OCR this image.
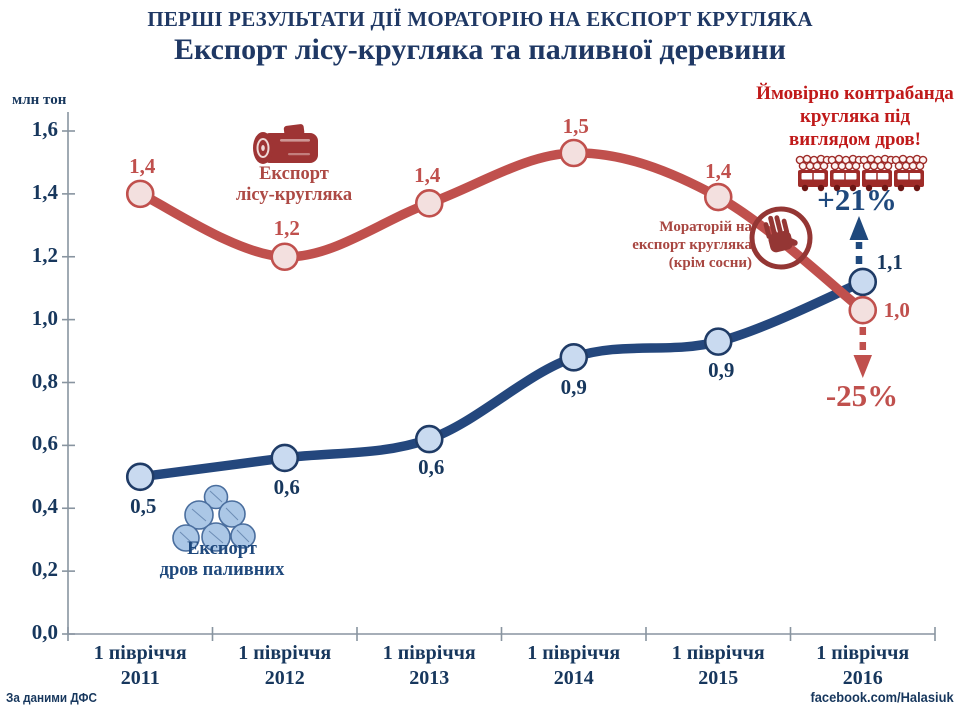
ПЕРШІ РЕЗУЛЬТАТИ ДІЇ МОРАТОРІЮ НА ЕКСПОРТ КРУГЛЯКА
Експорт лісу-кругляка та паливної деревини
млн тон	Ймовірно контрабанда
кругляка під
виглядом дров!
+21%
-25%
Мораторій на
експорт кругляка
(крім сосни)
Експорт
лісу-кругляка
Експорт
дров паливних
За даними ДФС	facebook.com/Halasiuk
0,0
0,2
0,4
0,6
0,8
1,0
1,2
1,4
1,6
1 півріччя
2011
1 півріччя
2012
1 півріччя
2013
1 півріччя
2014
1 півріччя
2015
1 півріччя
2016
1,4
1,2
1,4
1,5
1,4
1,0
0,5
0,6
0,6
0,9
0,9
1,1
